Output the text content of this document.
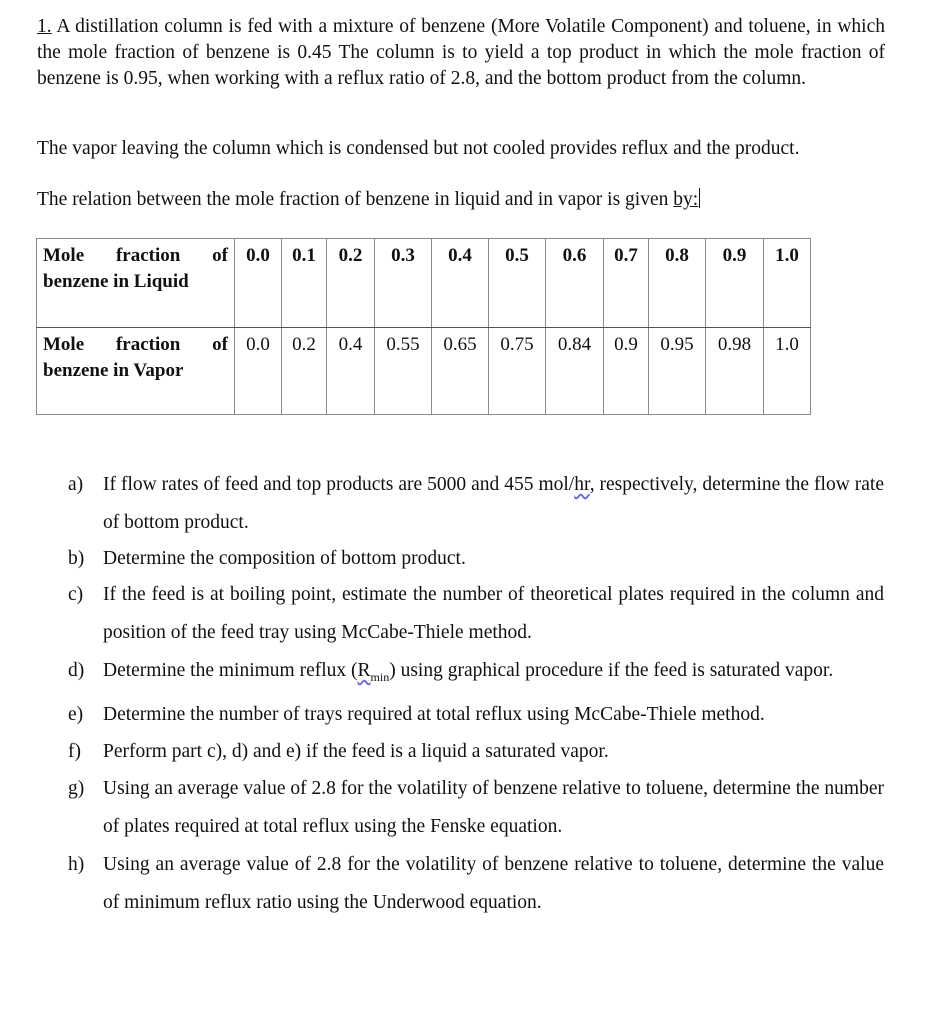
1. A distillation column is fed with a mixture of benzene (More Volatile Component) and toluene, in which the mole fraction of benzene is 0.45 The column is to yield a top product in which the mole fraction of benzene is 0.95, when working with a reflux ratio of 2.8, and the bottom product from the column.

The vapor leaving the column which is condensed but not cooled provides reflux and the product.

The relation between the mole fraction of benzene in liquid and in vapor is given by:

Mole fraction of benzene in Liquid	0.0	0.1	0.2	0.3	0.4	0.5	0.6	0.7	0.8	0.9	1.0
Mole fraction of benzene in Vapor	0.0	0.2	0.4	0.55	0.65	0.75	0.84	0.9	0.95	0.98	1.0
a) If flow rates of feed and top products are 5000 and 455 mol/hr, respectively, determine the flow rate of bottom product.
b) Determine the composition of bottom product.
c) If the feed is at boiling point, estimate the number of theoretical plates required in the column and position of the feed tray using McCabe-Thiele method.
d) Determine the minimum reflux $(R_{min})$ using graphical procedure if the feed is saturated vapor.
e) Determine the number of trays required at total reflux using McCabe-Thiele method.
f) Perform part c), d) and e) if the feed is a liquid a saturated vapor.
g) Using an average value of 2.8 for the volatility of benzene relative to toluene, determine the number of plates required at total reflux using the Fenske equation.
h) Using an average value of 2.8 for the volatility of benzene relative to toluene, determine the value of minimum reflux ratio using the Underwood equation.
